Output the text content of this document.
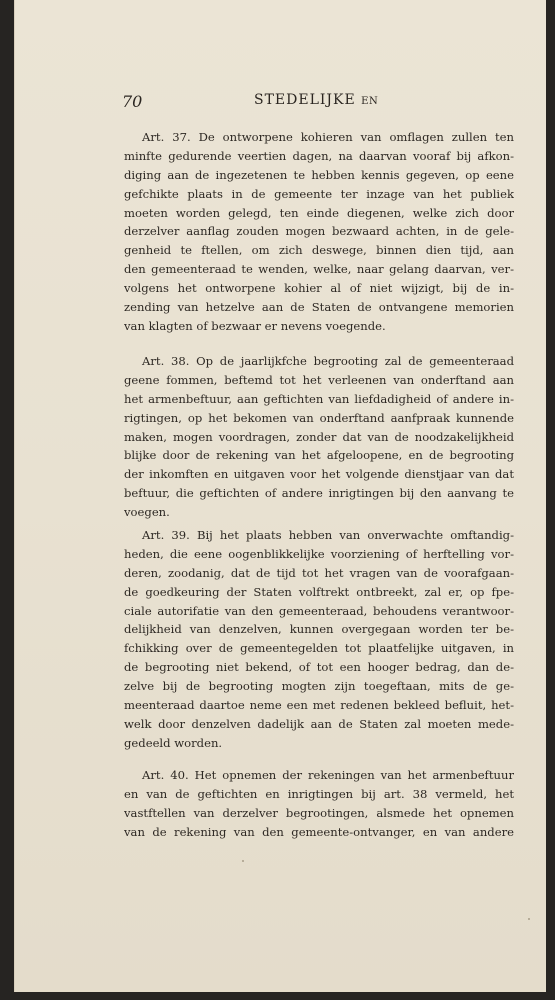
70	STEDELIJKE EN
Art. 37. De ontworpene kohieren van omflagen zullen ten
minfte gedurende veertien dagen, na daarvan vooraf bij afkon-
diging aan de ingezetenen te hebben kennis gegeven, op eene
gefchikte plaats in de gemeente ter inzage van het publiek
moeten worden gelegd, ten einde diegenen, welke zich door
derzelver aanflag zouden mogen bezwaard achten, in de gele-
genheid te ftellen, om zich deswege, binnen dien tijd, aan
den gemeenteraad te wenden, welke, naar gelang daarvan, ver-
volgens het ontworpene kohier al of niet wijzigt, bij de in-
zending van hetzelve aan de Staten de ontvangene memorien
van klagten of bezwaar er nevens voegende.
Art. 38. Op de jaarlijkfche begrooting zal de gemeenteraad
geene fommen, beftemd tot het verleenen van onderftand aan
het armenbeftuur, aan geftichten van liefdadigheid of andere in-
rigtingen, op het bekomen van onderftand aanfpraak kunnende
maken, mogen voordragen, zonder dat van de noodzakelijkheid
blijke door de rekening van het afgeloopene, en de begrooting
der inkomften en uitgaven voor het volgende dienstjaar van dat
beftuur, die geftichten of andere inrigtingen bij den aanvang te
voegen.
Art. 39. Bij het plaats hebben van onverwachte omftandig-
heden, die eene oogenblikkelijke voorziening of herftelling vor-
deren, zoodanig, dat de tijd tot het vragen van de voorafgaan-
de goedkeuring der Staten volftrekt ontbreekt, zal er, op fpe-
ciale autorifatie van den gemeenteraad, behoudens verantwoor-
delijkheid van denzelven, kunnen overgegaan worden ter be-
fchikking over de gemeentegelden tot plaatfelijke uitgaven, in
de begrooting niet bekend, of tot een hooger bedrag, dan de-
zelve bij de begrooting mogten zijn toegeftaan, mits de ge-
meenteraad daartoe neme een met redenen bekleed befluit, het-
welk door denzelven dadelijk aan de Staten zal moeten mede-
gedeeld worden.
Art. 40. Het opnemen der rekeningen van het armenbeftuur
en van de geftichten en inrigtingen bij art. 38 vermeld, het
vastftellen van derzelver begrootingen, alsmede het opnemen
van de rekening van den gemeente-ontvanger, en van andere
